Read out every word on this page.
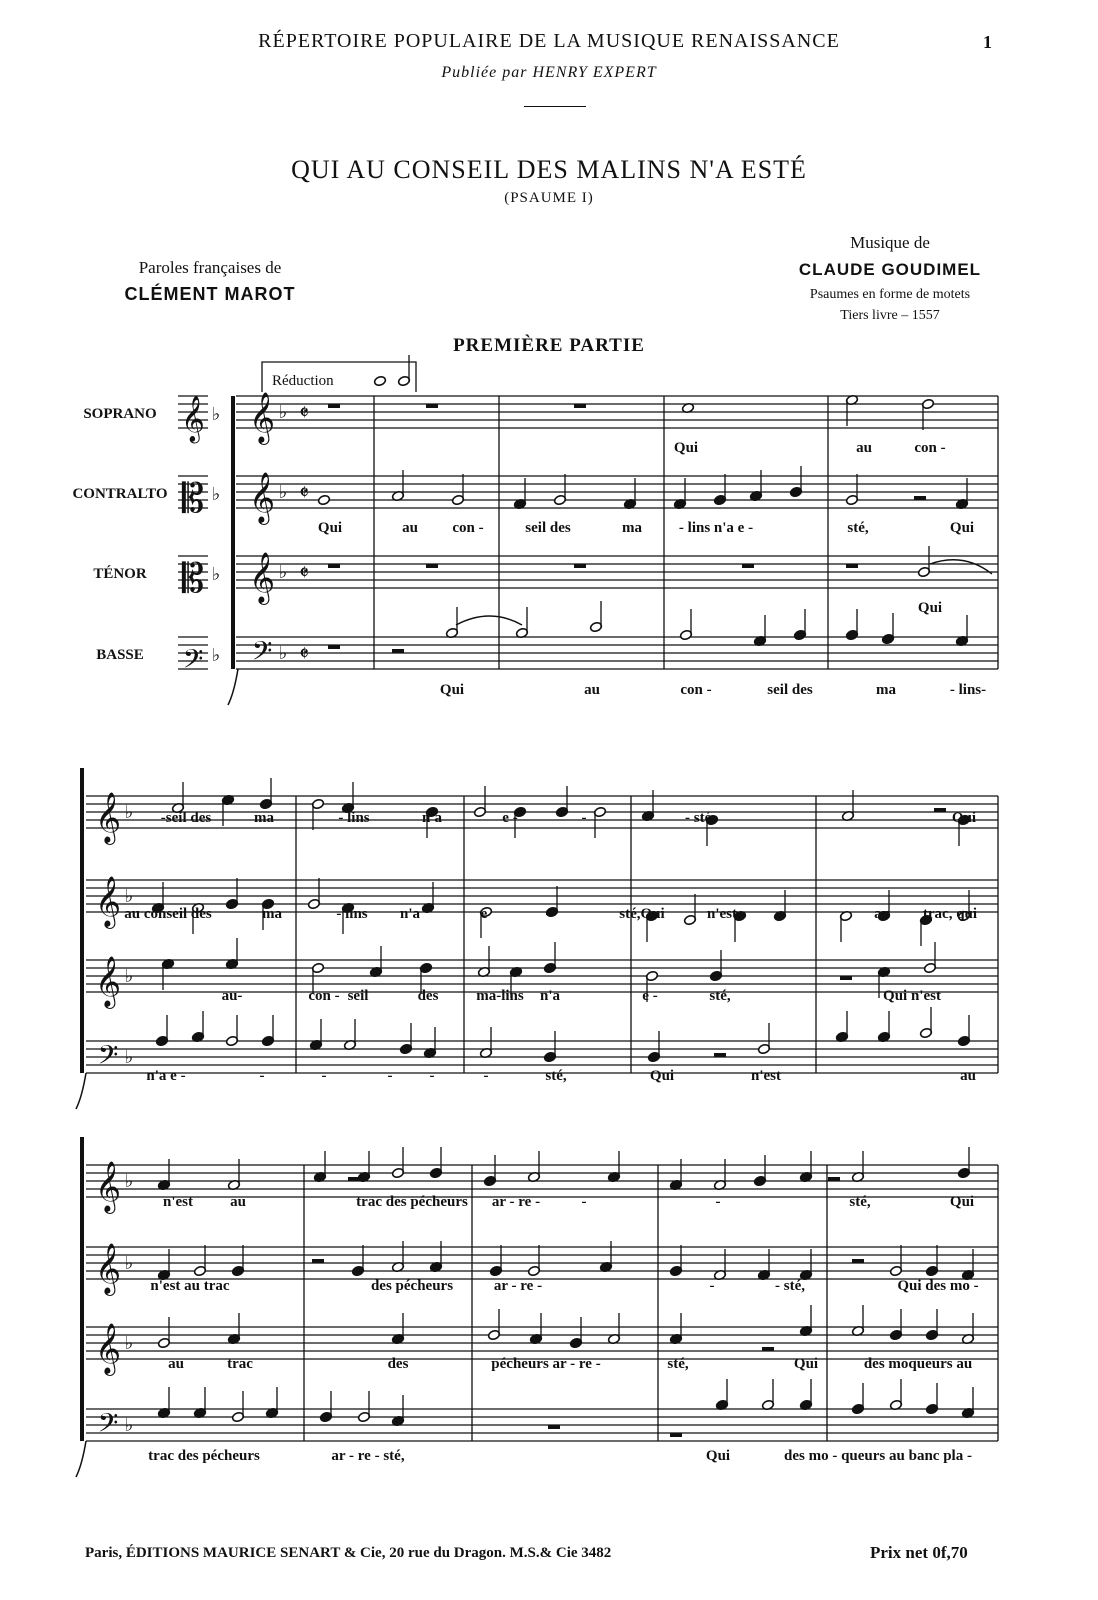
RÉPERTOIRE POPULAIRE DE LA MUSIQUE RENAISSANCE
Publiée par HENRY EXPERT
1
QUI AU CONSEIL DES MALINS N'A ESTÉ
(PSAUME I)
Paroles françaises de
CLÉMENT MAROT
Musique de
CLAUDE GOUDIMEL
Psaumes en forme de motets
Tiers livre – 1557
PREMIÈRE PARTIE
SOPRANO 𝄞 ♭ 𝄞 ♭ 𝄵
CONTRALTO 𝄡 ♭ 𝄞 ♭ 𝄵
TÉNOR 𝄡 ♭ 𝄞 ♭ 𝄵
BASSE 𝄢 ♭ 𝄢 ♭ 𝄵
Réduction
𝄞 ♭
𝄞 ♭
𝄞 ♭
𝄢 ♭
𝄞 ♭
𝄞 ♭
𝄞 ♭
𝄢 ♭
Qui	au	con -
Qui	au con -	seil des	ma - lins n'a e -	sté,	Qui
Qui
Qui	au	con -	seil des	ma	- lins-
-seil des	ma	- lins	n'a	e -	-	- sté,	Qui
au conseil des	ma	- lins n'a	e	-	sté,Qui	n'est	au trac, qui
au-	con - seil	des	ma-lins n'a	e -	sté,	Qui n'est
n'a e -	-	-	- -	-	sté,	Qui	n'est	au
n'est au	trac des pécheurs ar - re -	-	-	sté,	Qui
n'est au trac	des pécheurs	ar - re -	-	- sté,	Qui des mo -
au	trac	des	pécheurs ar - re -	sté,	Qui	des moqueurs au
trac des pécheurs	ar - re - sté,	Qui	des mo - queurs au banc pla -
Paris, ÉDITIONS MAURICE SENART & Cie, 20 rue du Dragon. M.S.& Cie 3482	Prix net 0f,70
